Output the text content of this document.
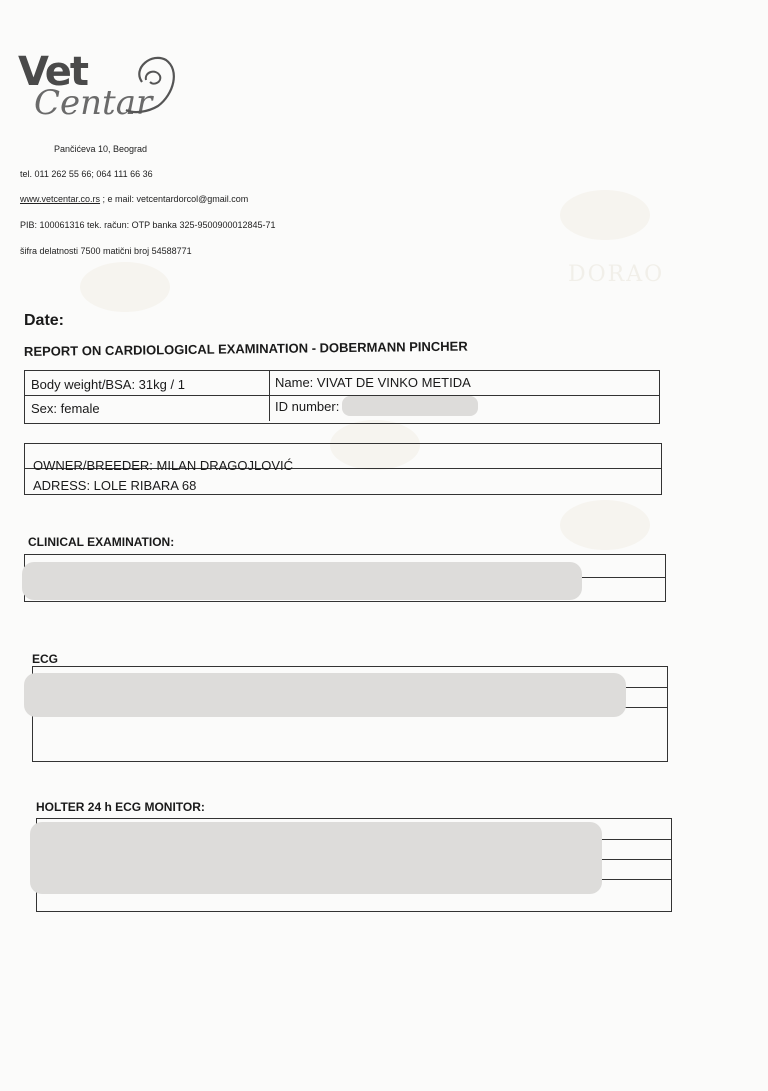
DORAO
Vet
Centar
Pančićeva 10, Beograd
tel. 011 262 55 66; 064 111 66 36
www.vetcentar.co.rs ; e mail: vetcentardorcol@gmail.com
PIB: 100061316 tek. račun: OTP banka 325-9500900012845-71
šifra delatnosti 7500 matični broj 54588771
Date:
REPORT ON CARDIOLOGICAL EXAMINATION - DOBERMANN PINCHER
Body weight/BSA: 31kg / 1	Name: VIVAT DE VINKO METIDA
Sex: female	ID number:
OWNER/BREEDER: MILAN DRAGOJLOVIĆ
ADRESS: LOLE RIBARA 68
CLINICAL EXAMINATION:
ECG
HOLTER 24 h ECG MONITOR:
